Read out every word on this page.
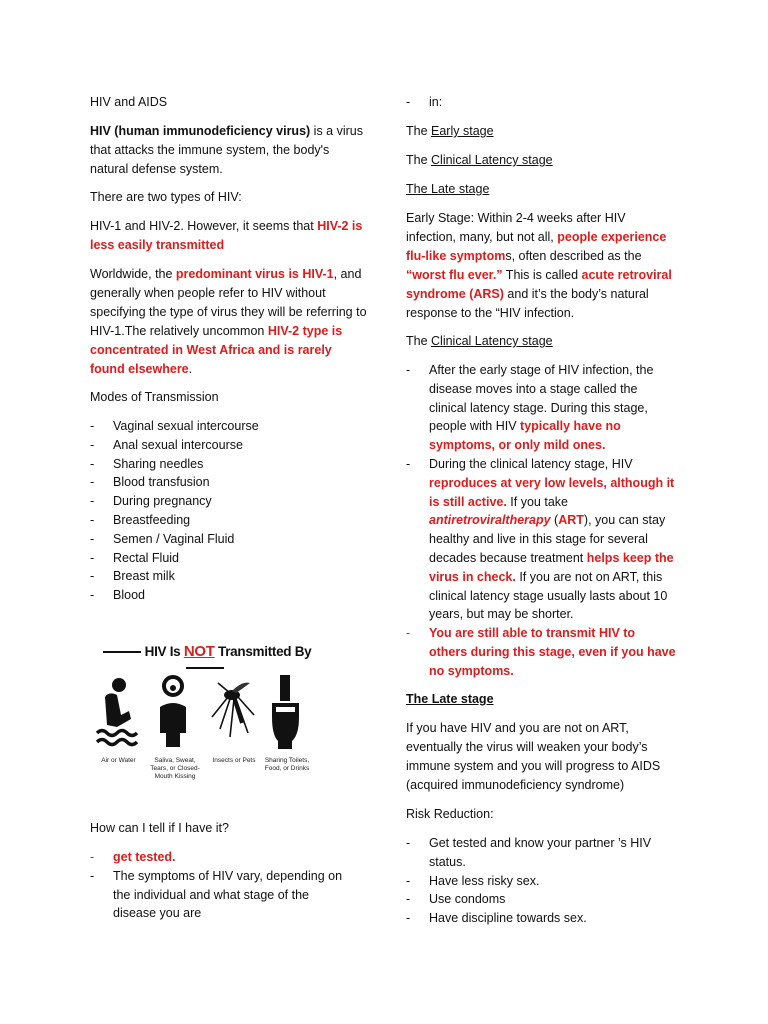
HIV and AIDS
HIV (human immunodeficiency virus) is a virus that attacks the immune system, the body's natural defense system.
There are two types of HIV:
HIV-1 and HIV-2. However, it seems that HIV-2 is less easily transmitted
Worldwide, the predominant virus is HIV-1, and generally when people refer to HIV without specifying the type of virus they will be referring to HIV-1.The relatively uncommon HIV-2 type is concentrated in West Africa and is rarely found elsewhere.
Modes of Transmission
- Vaginal sexual intercourse
- Anal sexual intercourse
- Sharing needles
- Blood transfusion
- During pregnancy
- Breastfeeding
- Semen / Vaginal Fluid
- Rectal Fluid
- Breast milk
- Blood
HIV Is NOT Transmitted By
Air or Water	Saliva, Sweat, Tears, or Closed-Mouth Kissing
Insects or Pets	Sharing Toilets, Food, or Drinks
How can I tell if I have it?
- get tested.
- The symptoms of HIV vary, depending on the individual and what stage of the disease you are
- in:
The Early stage
The Clinical Latency stage
The Late stage
Early Stage: Within 2-4 weeks after HIV infection, many, but not all, people experience flu-like symptoms, often described as the “worst flu ever.” This is called acute retroviral syndrome (ARS) and it’s the body’s natural response to the “HIV infection.
The Clinical Latency stage
- After the early stage of HIV infection, the disease moves into a stage called the clinical latency stage. During this stage, people with HIV typically have no symptoms, or only mild ones.
- During the clinical latency stage, HIV reproduces at very low levels, although it is still active. If you take antiretroviraltherapy (ART), you can stay healthy and live in this stage for several decades because treatment helps keep the virus in check. If you are not on ART, this clinical latency stage usually lasts about 10 years, but may be shorter.
- You are still able to transmit HIV to others during this stage, even if you have no symptoms.
The Late stage
If you have HIV and you are not on ART, eventually the virus will weaken your body’s immune system and you will progress to AIDS (acquired immunodeficiency syndrome)
Risk Reduction:
- Get tested and know your partner ’s HIV status.
- Have less risky sex.
- Use condoms
- Have discipline towards sex.
